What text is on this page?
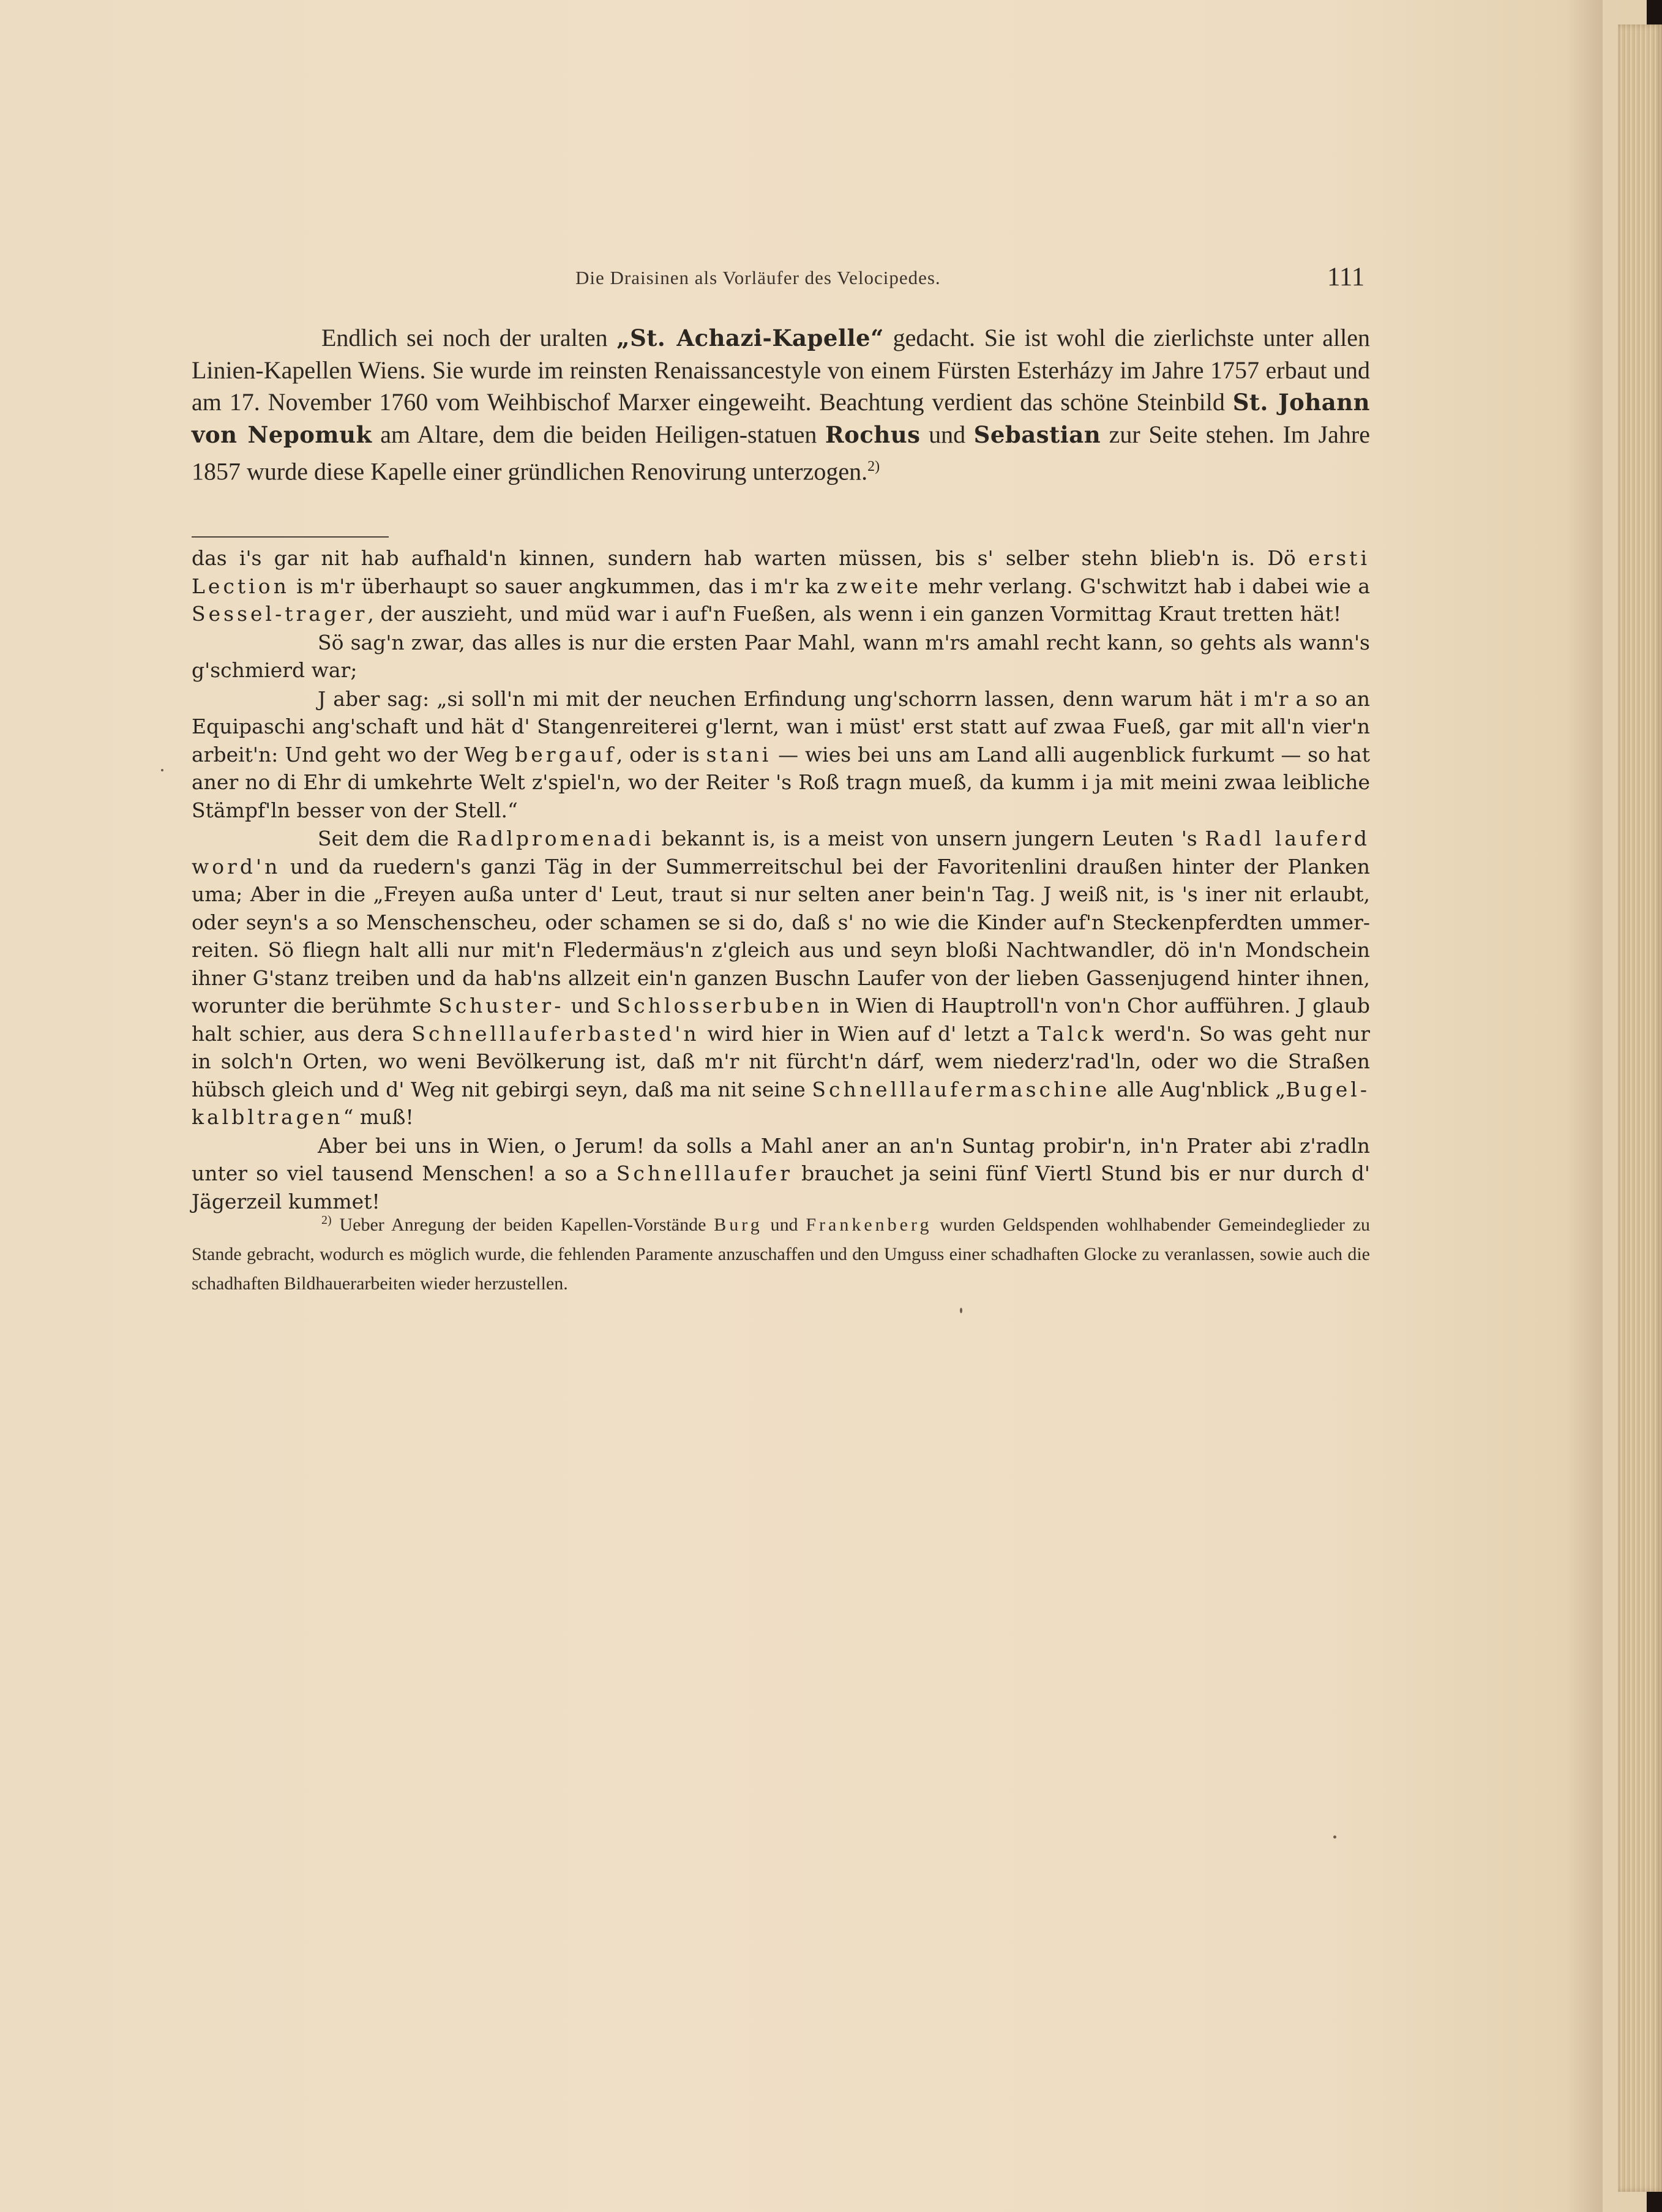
Die Draisinen als Vorläufer des Velocipedes.	111

Endlich sei noch der uralten „St. Achazi-Kapelle“ gedacht. Sie ist wohl die zierlichste unter allen Linien-Kapellen Wiens. Sie wurde im reinsten Renaissancestyle von einem Fürsten Esterházy im Jahre 1757 erbaut und am 17. November 1760 vom Weihbischof Marxer eingeweiht. Beachtung verdient das schöne Steinbild St. Johann von Nepomuk am Altare, dem die beiden Heiligen-statuen Rochus und Sebastian zur Seite stehen. Im Jahre 1857 wurde diese Kapelle einer gründlichen Renovirung unterzogen.$^{2)}$

das i's gar nit hab aufhald'n kinnen, sundern hab warten müssen, bis s' selber stehn blieb'n is. Dö ersti Lection is m'r überhaupt so sauer angkummen, das i m'r ka zweite mehr verlang. G'schwitzt hab i dabei wie a Sessel-trager, der auszieht, und müd war i auf'n Fueßen, als wenn i ein ganzen Vormittag Kraut tretten hät!

Sö sag'n zwar, das alles is nur die ersten Paar Mahl, wann m'rs amahl recht kann, so gehts als wann's g'schmierd war;

J aber sag: „si soll'n mi mit der neuchen Erfindung ung'schorrn lassen, denn warum hät i m'r a so an Equipaschi ang'schaft und hät d' Stangenreiterei g'lernt, wan i müst' erst statt auf zwaa Fueß, gar mit all'n vier'n arbeit'n: Und geht wo der Weg bergauf, oder is stani — wies bei uns am Land alli augenblick furkumt — so hat aner no di Ehr di umkehrte Welt z'spiel'n, wo der Reiter 's Roß tragn mueß, da kumm i ja mit meini zwaa leibliche Stämpf'ln besser von der Stell.“

Seit dem die Radlpromenadi bekannt is, is a meist von unsern jungern Leuten 's Radl lauferd word'n und da ruedern's ganzi Täg in der Summerreitschul bei der Favoritenlini draußen hinter der Planken uma; Aber in die „Freyen außa unter d' Leut, traut si nur selten aner bein'n Tag. J weiß nit, is 's iner nit erlaubt, oder seyn's a so Menschenscheu, oder schamen se si do, daß s' no wie die Kinder auf'n Steckenpferdten ummer-reiten. Sö fliegn halt alli nur mit'n Fledermäus'n z'gleich aus und seyn bloßi Nachtwandler, dö in'n Mondschein ihner G'stanz treiben und da hab'ns allzeit ein'n ganzen Buschn Laufer von der lieben Gassenjugend hinter ihnen, worunter die berühmte Schuster- und Schlosserbuben in Wien di Hauptroll'n von'n Chor aufführen. J glaub halt schier, aus dera Schnelllauferbasted'n wird hier in Wien auf d' letzt a Talck werd'n. So was geht nur in solch'n Orten, wo weni Bevölkerung ist, daß m'r nit fürcht'n dárf, wem niederz'rad'ln, oder wo die Straßen hübsch gleich und d' Weg nit gebirgi seyn, daß ma nit seine Schnelllaufermaschine alle Aug'nblick „Bugel-kalbltragen“ muß!

Aber bei uns in Wien, o Jerum! da solls a Mahl aner an an'n Suntag probir'n, in'n Prater abi z'radln unter so viel tausend Menschen! a so a Schnelllaufer brauchet ja seini fünf Viertl Stund bis er nur durch d' Jägerzeil kummet!

$^{2)}$ Ueber Anregung der beiden Kapellen-Vorstände Burg und Frankenberg wurden Geldspenden wohlhabender Gemeindeglieder zu Stande gebracht, wodurch es möglich wurde, die fehlenden Paramente anzuschaffen und den Umguss einer schadhaften Glocke zu veranlassen, sowie auch die schadhaften Bildhauerarbeiten wieder herzustellen.
